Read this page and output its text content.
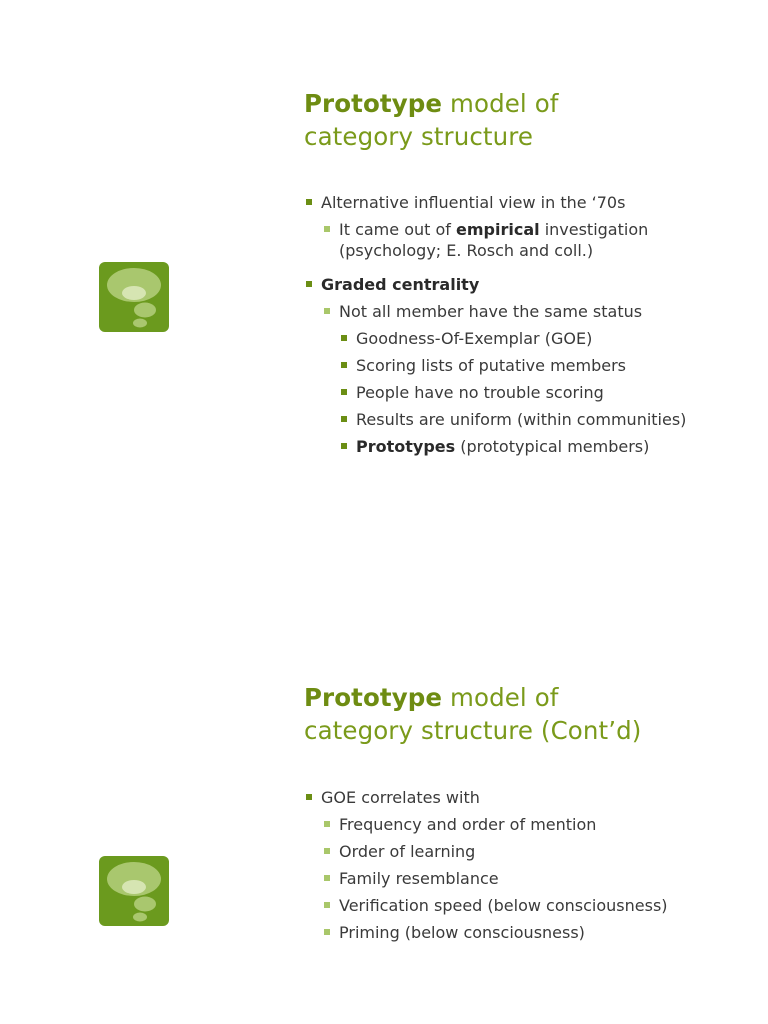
Prototype model of
category structure
Alternative influential view in the ‘70s
It came out of empirical investigation
(psychology; E. Rosch and coll.)
Graded centrality
Not all member have the same status
Goodness-Of-Exemplar (GOE)
Scoring lists of putative members
People have no trouble scoring
Results are uniform (within communities)
Prototypes (prototypical members)
Prototype model of
category structure (Cont’d)
GOE correlates with
Frequency and order of mention
Order of learning
Family resemblance
Verification speed (below consciousness)
Priming (below consciousness)
